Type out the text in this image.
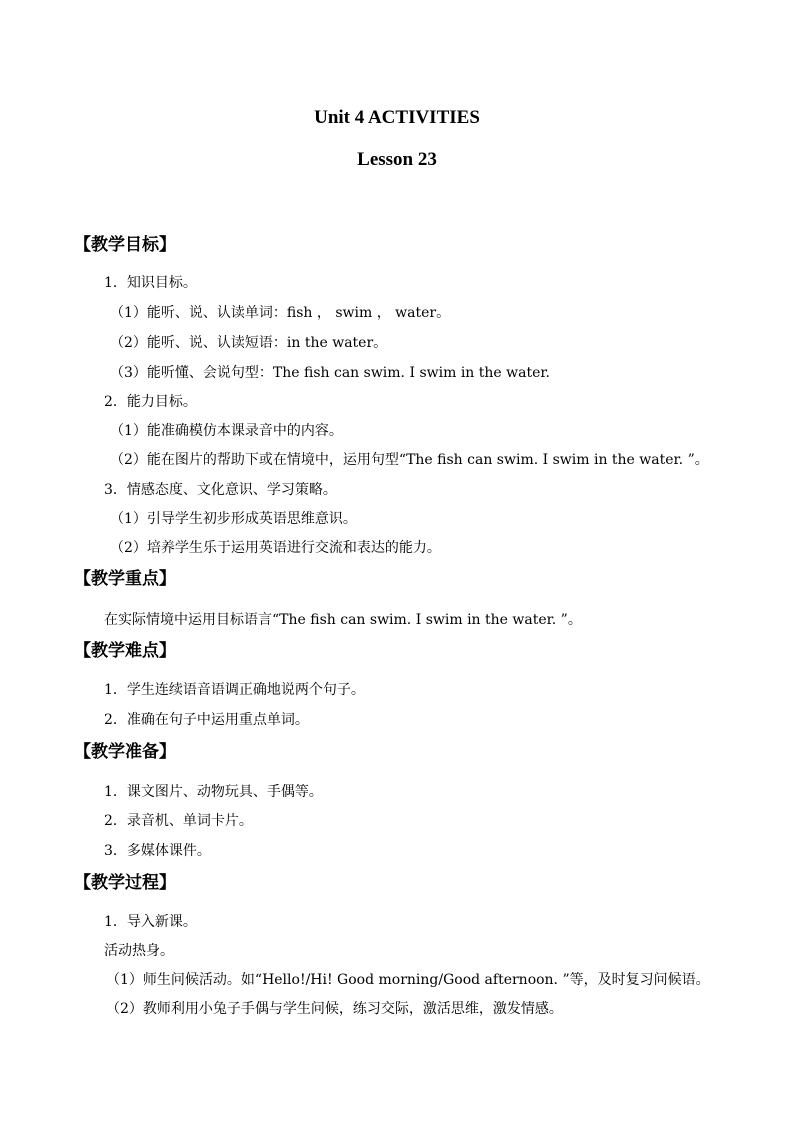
Unit 4 ACTIVITIES
Lesson 23
【教学目标】
1．知识目标。
（1）能听、说、认读单词：fish ， swim ， water。
（2）能听、说、认读短语：in the water。
（3）能听懂、会说句型：The fish can swim. I swim in the water.
2．能力目标。
（1）能准确模仿本课录音中的内容。
（2）能在图片的帮助下或在情境中，运用句型“The fish can swim. I swim in the water. ”。
3．情感态度、文化意识、学习策略。
（1）引导学生初步形成英语思维意识。
（2）培养学生乐于运用英语进行交流和表达的能力。
【教学重点】
在实际情境中运用目标语言“The fish can swim. I swim in the water. ”。
【教学难点】
1．学生连续语音语调正确地说两个句子。
2．准确在句子中运用重点单词。
【教学准备】
1．课文图片、动物玩具、手偶等。
2．录音机、单词卡片。
3．多媒体课件。
【教学过程】
1．导入新课。
活动热身。
（1）师生问候活动。如“Hello!/Hi! Good morning/Good afternoon. ”等，及时复习问候语。
（2）教师利用小兔子手偶与学生问候，练习交际，激活思维，激发情感。
